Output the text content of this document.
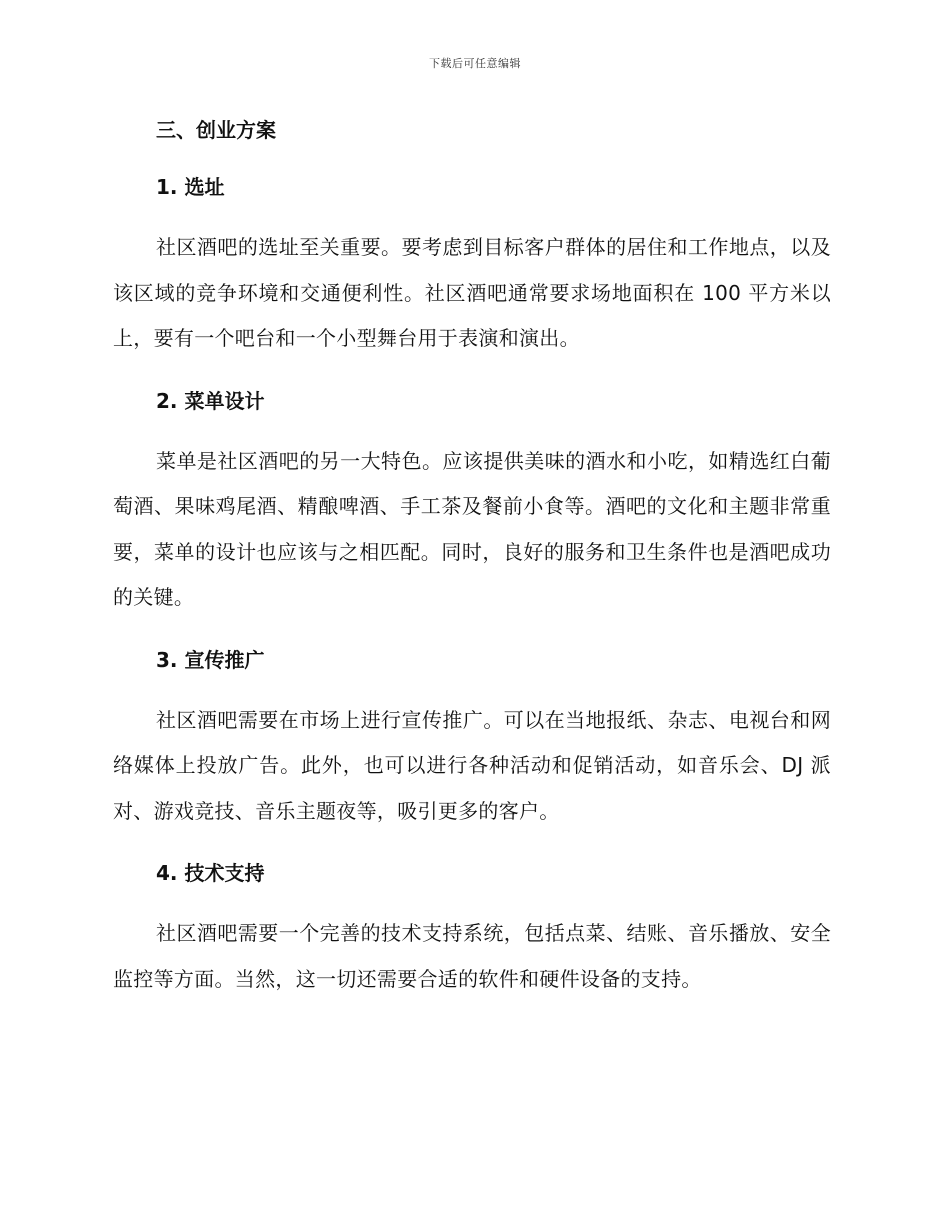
下载后可任意编辑
三、创业方案
1. 选址

社区酒吧的选址至关重要。要考虑到目标客户群体的居住和工作地点，以及该区域的竞争环境和交通便利性。社区酒吧通常要求场地面积在 100 平方米以上，要有一个吧台和一个小型舞台用于表演和演出。

2. 菜单设计

菜单是社区酒吧的另一大特色。应该提供美味的酒水和小吃，如精选红白葡萄酒、果味鸡尾酒、精酿啤酒、手工茶及餐前小食等。酒吧的文化和主题非常重要，菜单的设计也应该与之相匹配。同时，良好的服务和卫生条件也是酒吧成功的关键。

3. 宣传推广

社区酒吧需要在市场上进行宣传推广。可以在当地报纸、杂志、电视台和网络媒体上投放广告。此外，也可以进行各种活动和促销活动，如音乐会、DJ 派对、游戏竞技、音乐主题夜等，吸引更多的客户。

4. 技术支持

社区酒吧需要一个完善的技术支持系统，包括点菜、结账、音乐播放、安全监控等方面。当然，这一切还需要合适的软件和硬件设备的支持。
